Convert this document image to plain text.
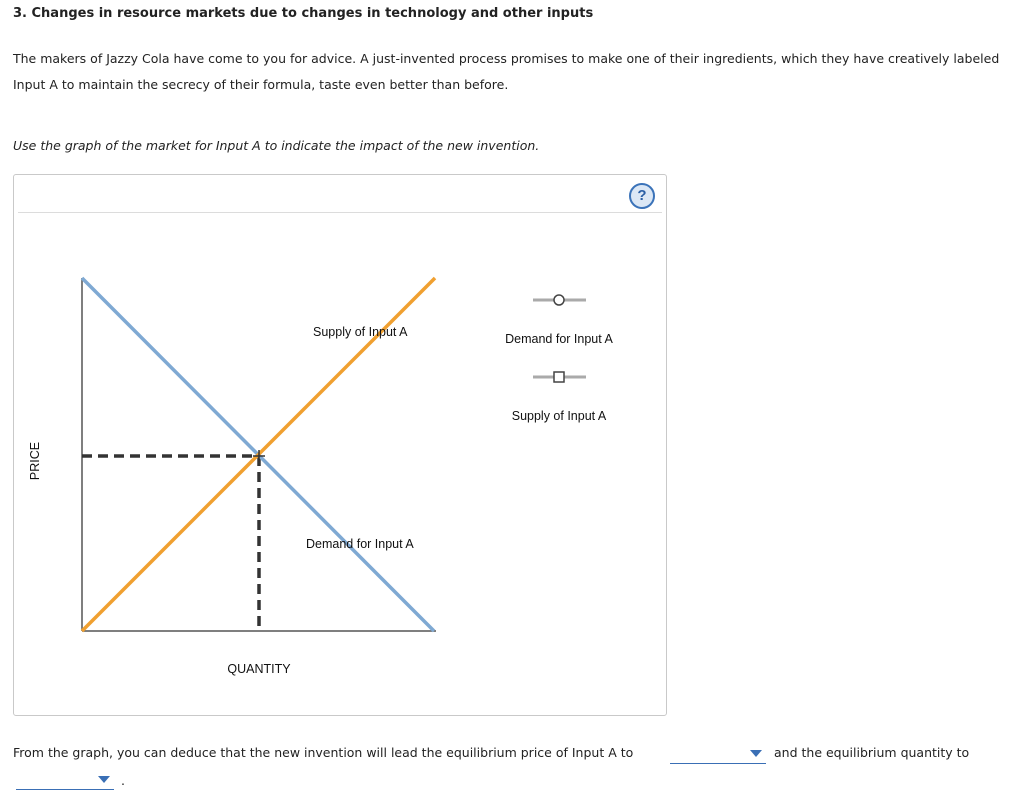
3. Changes in resource markets due to changes in technology and other inputs
The makers of Jazzy Cola have come to you for advice. A just-invented process promises to make one of their ingredients, which they have creatively labeled Input A to maintain the secrecy of their formula, taste even better than before.
Use the graph of the market for Input A to indicate the impact of the new invention.
?
Supply of Input A
Demand for Input A
PRICE
QUANTITY
Demand for Input A
Supply of Input A
From the graph, you can deduce that the new invention will lead the equilibrium price of Input A to	and the equilibrium quantity to
.
